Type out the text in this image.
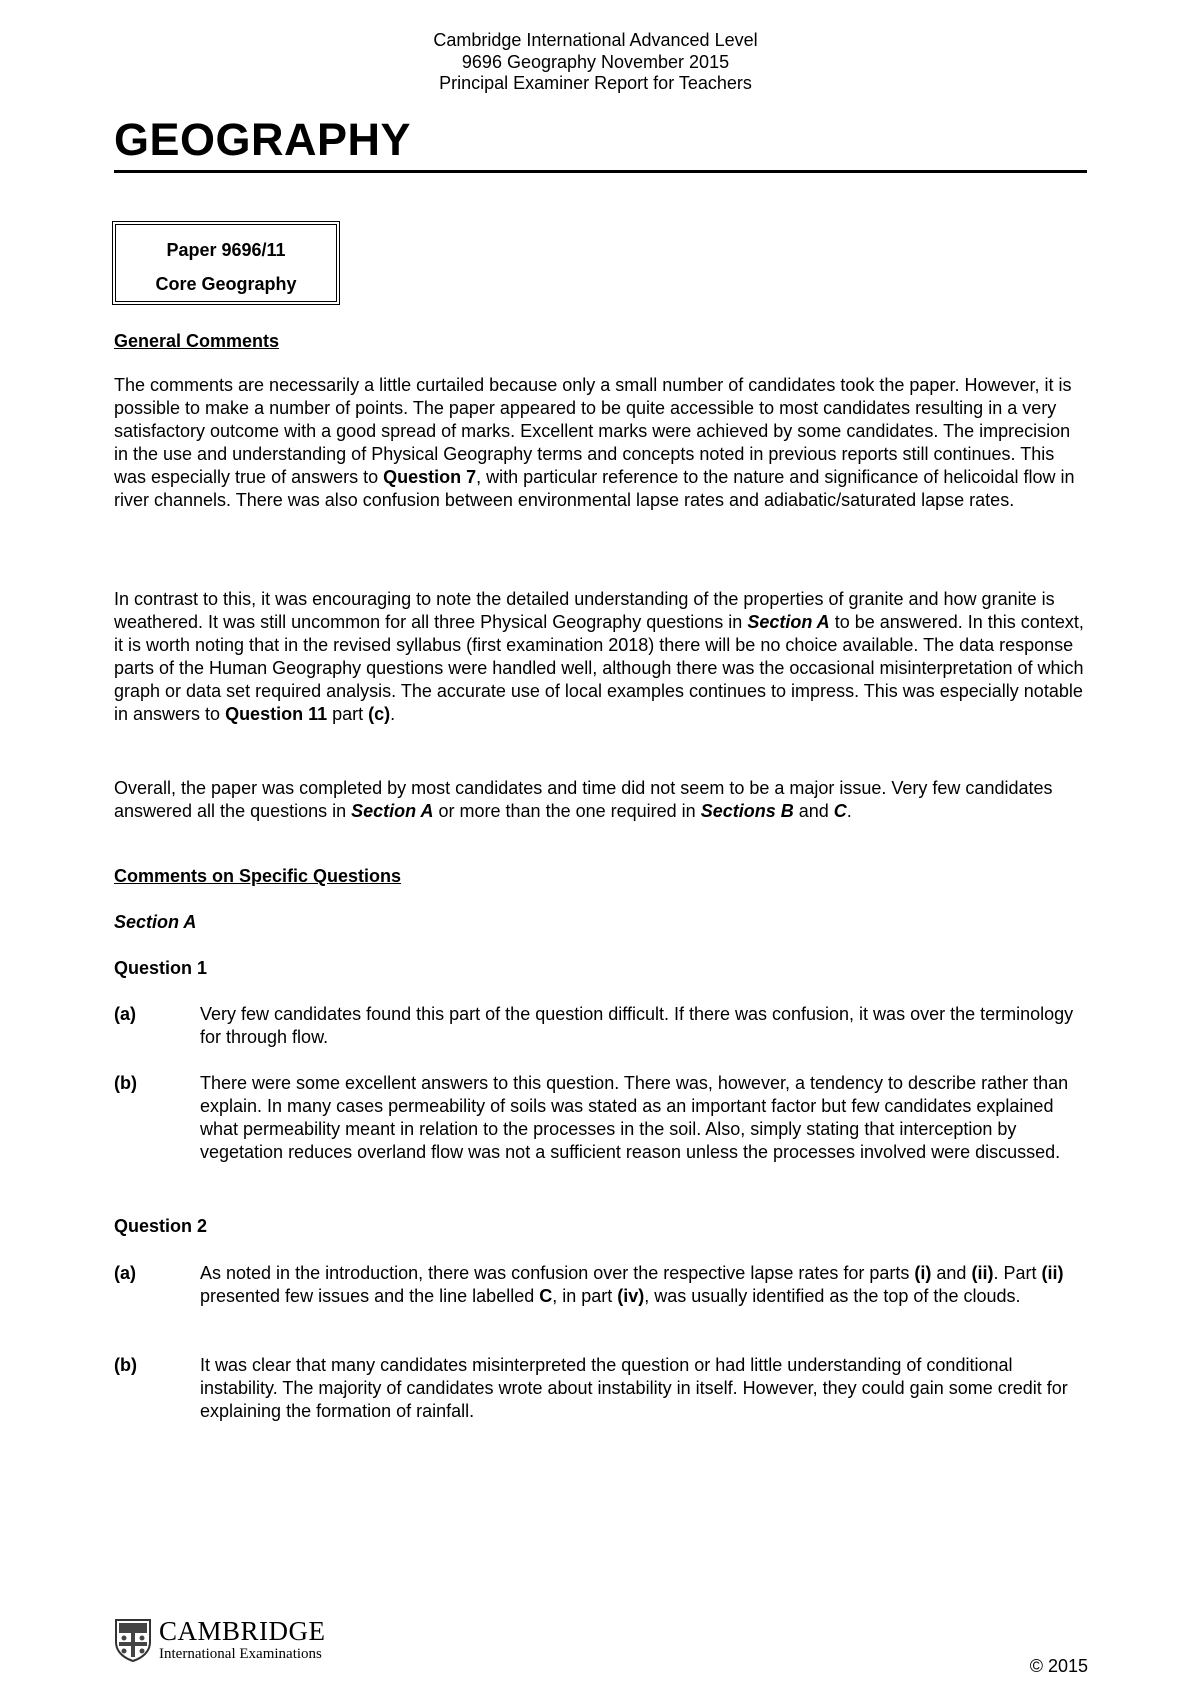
Cambridge International Advanced Level
9696 Geography November 2015
Principal Examiner Report for Teachers
GEOGRAPHY
Paper 9696/11
Core Geography
General Comments

The comments are necessarily a little curtailed because only a small number of candidates took the paper. However, it is possible to make a number of points. The paper appeared to be quite accessible to most candidates resulting in a very satisfactory outcome with a good spread of marks. Excellent marks were achieved by some candidates. The imprecision in the use and understanding of Physical Geography terms and concepts noted in previous reports still continues. This was especially true of answers to Question 7, with particular reference to the nature and significance of helicoidal flow in river channels. There was also confusion between environmental lapse rates and adiabatic/saturated lapse rates.

In contrast to this, it was encouraging to note the detailed understanding of the properties of granite and how granite is weathered. It was still uncommon for all three Physical Geography questions in Section A to be answered. In this context, it is worth noting that in the revised syllabus (first examination 2018) there will be no choice available. The data response parts of the Human Geography questions were handled well, although there was the occasional misinterpretation of which graph or data set required analysis. The accurate use of local examples continues to impress. This was especially notable in answers to Question 11 part (c).

Overall, the paper was completed by most candidates and time did not seem to be a major issue. Very few candidates answered all the questions in Section A or more than the one required in Sections B and C.

Comments on Specific Questions
Section A
Question 1
(a)	Very few candidates found this part of the question difficult. If there was confusion, it was over the terminology for through flow.
(b)	There were some excellent answers to this question. There was, however, a tendency to describe rather than explain. In many cases permeability of soils was stated as an important factor but few candidates explained what permeability meant in relation to the processes in the soil. Also, simply stating that interception by vegetation reduces overland flow was not a sufficient reason unless the processes involved were discussed.
Question 2
(a)	As noted in the introduction, there was confusion over the respective lapse rates for parts (i) and (ii). Part (ii) presented few issues and the line labelled C, in part (iv), was usually identified as the top of the clouds.
(b)	It was clear that many candidates misinterpreted the question or had little understanding of conditional instability. The majority of candidates wrote about instability in itself. However, they could gain some credit for explaining the formation of rainfall.
CAMBRIDGE
International Examinations
© 2015
